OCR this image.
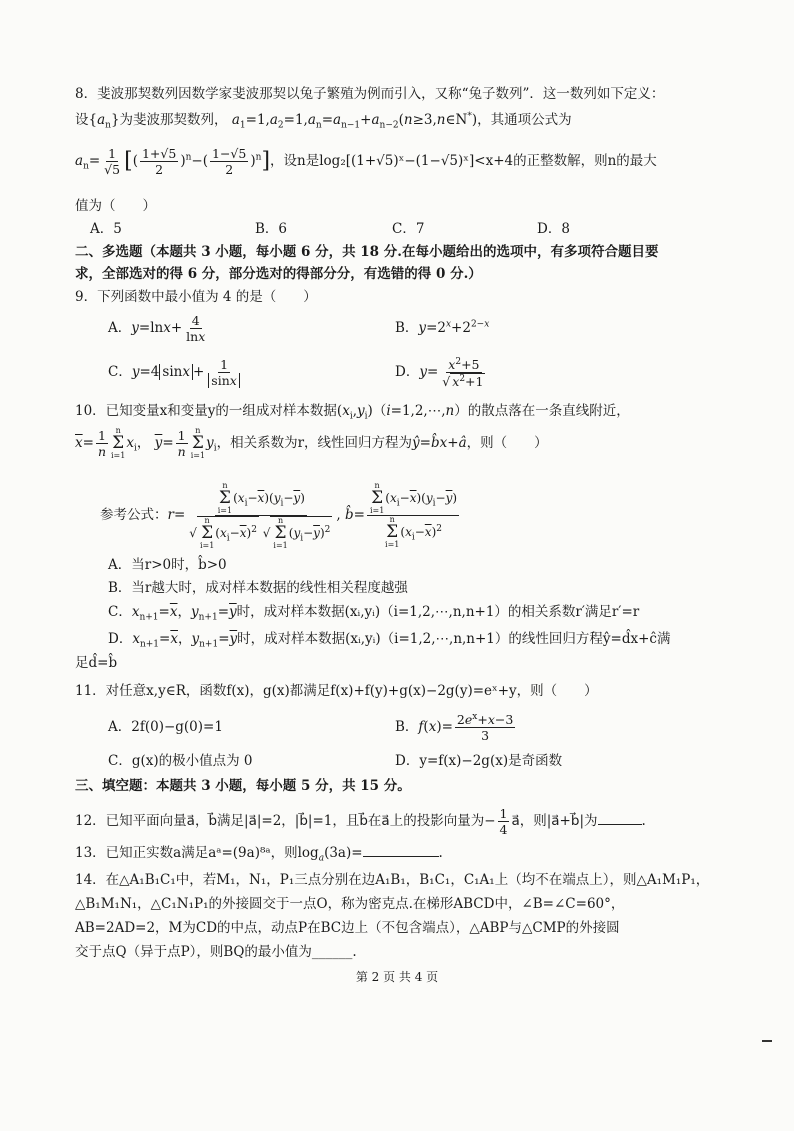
8．斐波那契数列因数学家斐波那契以兔子繁殖为例而引入，又称“兔子数列”．这一数列如下定义：
设$\{a_n\}$为斐波那契数列， $a_1=1,a_2=1,a_n=a_{n-1}+a_{n-2}(n\ge 3,n\in N^*)$，其通项公式为
$a_n= \frac{1}{√5}$ [( $\frac{1+√5}{2} )^n-( \frac{1-√5}{2} )^n$]，设n是log₂[(1+√5)ˣ−(1−√5)ˣ]<x+4的正整数解，则n的最大
值为（　　）
A．5	B．6	C．7	D．8
二、多选题（本题共 3 小题，每小题 6 分，共 18 分.在每小题给出的选项中，有多项符合题目要
求，全部选对的得 6 分，部分选对的得部分分，有选错的得 0 分.）
9．下列函数中最小值为 4 的是（　　）
A．$y=\ln x+ \frac{4}{\ln x}$	B．$y=2^x+2^{2-x}$
C．y=4 $\sin x + \frac{1}{\sin x}$	D．$y= \frac{x^2+5}{√ x^2+1}$
10．已知变量x和变量y的一组成对样本数据$(x_i,y_i)(i=1,2,\cdots,n)$的散点落在一条直线附近，
$\overline{x}= \frac{1}{n}$ n
Σ
i=1
$x_i$， $\overline{y}= \frac{1}{n}$ n
Σ
i=1
$y_i$，相关系数为r，线性回归方程为ŷ=b̂x+â，则（　　）
参考公式：r= n
Σ
i=1
$(x_i-\overline{x})(y_i-\overline{y})$
√
n
Σ
i=1
$(x_i-\overline{x})^2$ √
n
Σ
i=1
$(y_i-\overline{y})^2$ , b̂= n
Σ
i=1
$(x_i-\overline{x})(y_i-\overline{y})$
n
Σ
i=1
$(x_i-\overline{x})^2$
A．当r>0时，b̂>0
B．当r越大时，成对样本数据的线性相关程度越强
C．$x_{n+1}=\overline{x}$，$y_{n+1}=\overline{y}$时，成对样本数据(xᵢ,yᵢ)（i=1,2,⋯,n,n+1）的相关系数r′满足r′=r
D．$x_{n+1}=\overline{x}$，$y_{n+1}=\overline{y}$时，成对样本数据(xᵢ,yᵢ)（i=1,2,⋯,n,n+1）的线性回归方程ŷ=d̂x+ĉ满
足d̂=b̂
11．对任意x,y∈R，函数f(x)，g(x)都满足f(x)+f(y)+g(x)−2g(y)=eˣ+y，则（　　）
A．2f(0)−g(0)=1	B．$f(x)= \frac{2e^x+x-3}{3}$
C．g(x)的极小值点为 0	D．y=f(x)−2g(x)是奇函数
三、填空题：本题共 3 小题，每小题 5 分，共 15 分。
12．已知平面向量a⃗，b⃗满足|a⃗|=2，|b⃗|=1，且b⃗在a⃗上的投影向量为− $\frac{1}{4}$ a⃗，则|a⃗+b⃗|为	.
13．已知正实数a满足aᵃ=(9a)⁸ᵃ，则$\log_a(3a)=$	.
14．在△A₁B₁C₁中，若M₁，N₁，P₁三点分别在边A₁B₁，B₁C₁，C₁A₁上（均不在端点上），则△A₁M₁P₁，
△B₁M₁N₁，△C₁N₁P₁的外接圆交于一点O，称为密克点.在梯形ABCD中，∠B=∠C=60°，
AB=2AD=2，M为CD的中点，动点P在BC边上（不包含端点），△ABP与△CMP的外接圆
交于点Q（异于点P），则BQ的最小值为______.
第 2 页 共 4 页
